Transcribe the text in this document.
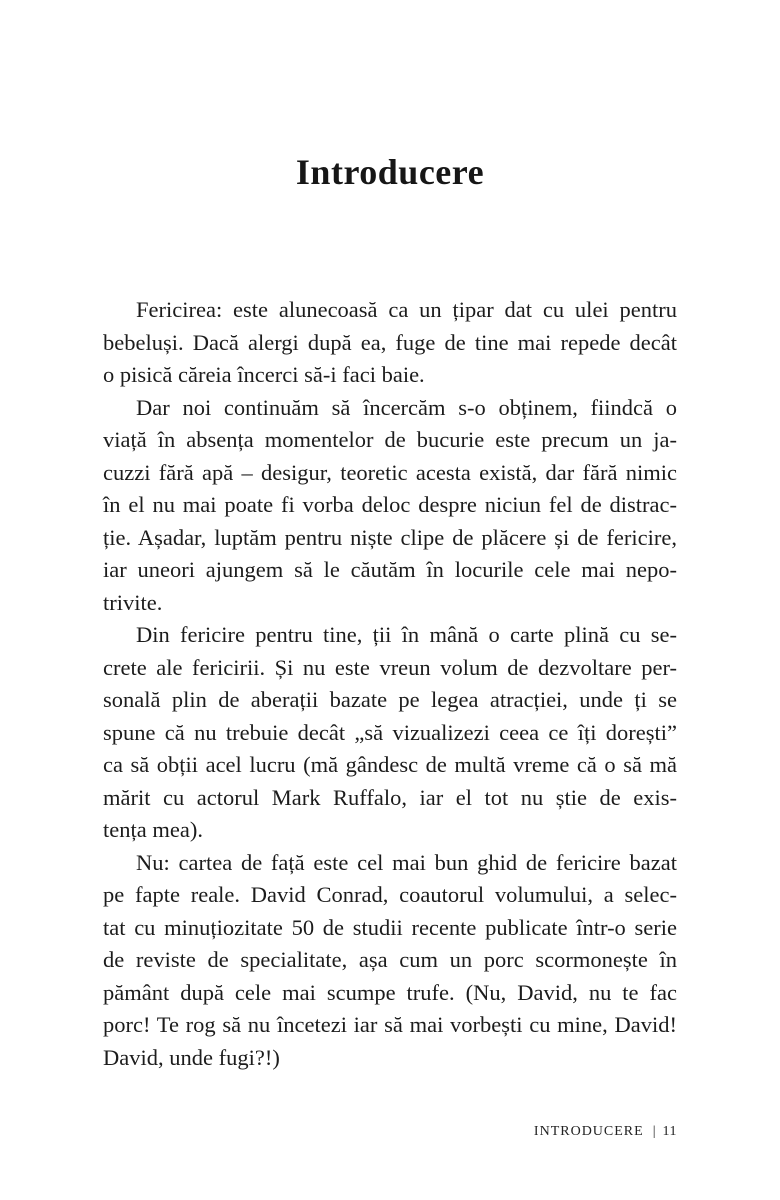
Introducere

Fericirea: este alunecoasă ca un țipar dat cu ulei pentru
bebeluși. Dacă alergi după ea, fuge de tine mai repede decât
o pisică căreia încerci să-i faci baie.

Dar noi continuăm să încercăm s-o obținem, fiindcă o
viață în absența momentelor de bucurie este precum un ja-
cuzzi fără apă – desigur, teoretic acesta există, dar fără nimic
în el nu mai poate fi vorba deloc despre niciun fel de distrac-
ție. Așadar, luptăm pentru niște clipe de plăcere și de fericire,
iar uneori ajungem să le căutăm în locurile cele mai nepo-
trivite.

Din fericire pentru tine, ții în mână o carte plină cu se-
crete ale fericirii. Și nu este vreun volum de dezvoltare per-
sonală plin de aberații bazate pe legea atracției, unde ți se
spune că nu trebuie decât „să vizualizezi ceea ce îți dorești”
ca să obții acel lucru (mă gândesc de multă vreme că o să mă
mărit cu actorul Mark Ruffalo, iar el tot nu știe de exis-
tența mea).

Nu: cartea de față este cel mai bun ghid de fericire bazat
pe fapte reale. David Conrad, coautorul volumului, a selec-
tat cu minuțiozitate 50 de studii recente publicate într-o serie
de reviste de specialitate, așa cum un porc scormonește în
pământ după cele mai scumpe trufe. (Nu, David, nu te fac
porc! Te rog să nu încetezi iar să mai vorbești cu mine, David!
David, unde fugi?!)

INTRODUCERE | 11
